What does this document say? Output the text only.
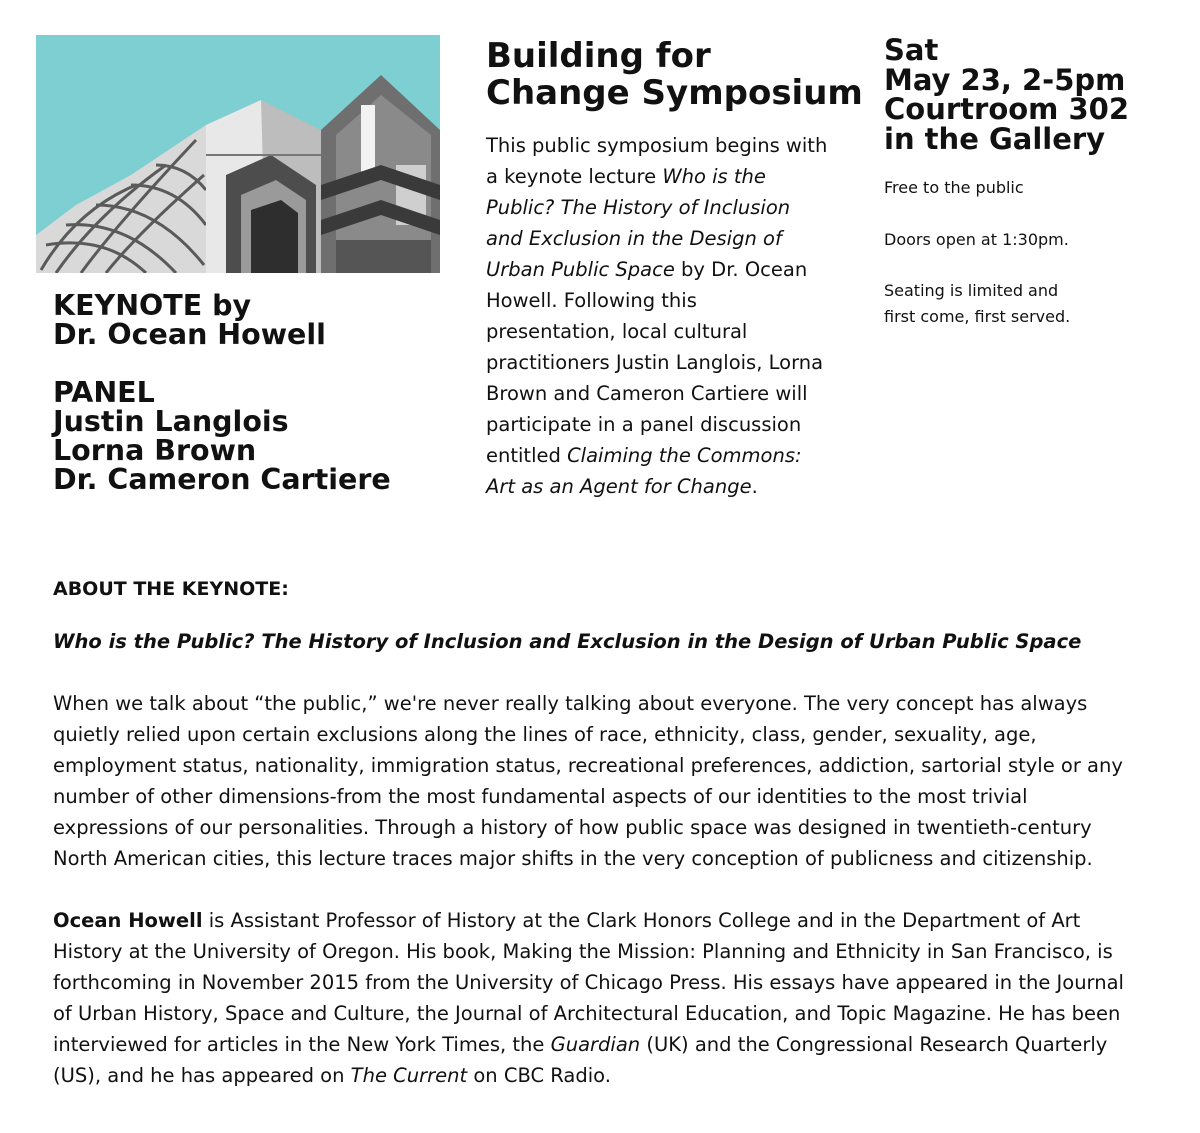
KEYNOTE by
Dr. Ocean Howell
PANEL
Justin Langlois
Lorna Brown
Dr. Cameron Cartiere
Building for
Change Symposium
This public symposium begins with
a keynote lecture Who is the
Public? The History of Inclusion
and Exclusion in the Design of
Urban Public Space by Dr. Ocean
Howell. Following this
presentation, local cultural
practitioners Justin Langlois, Lorna
Brown and Cameron Cartiere will
participate in a panel discussion
entitled Claiming the Commons:
Art as an Agent for Change.
Sat
May 23, 2-5pm
Courtroom 302
in the Gallery

Free to the public

Doors open at 1:30pm.

Seating is limited and
first come, first served.

ABOUT THE KEYNOTE:

Who is the Public? The History of Inclusion and Exclusion in the Design of Urban Public Space

When we talk about “the public,” we're never really talking about everyone. The very concept has always
quietly relied upon certain exclusions along the lines of race, ethnicity, class, gender, sexuality, age,
employment status, nationality, immigration status, recreational preferences, addiction, sartorial style or any
number of other dimensions-from the most fundamental aspects of our identities to the most trivial
expressions of our personalities. Through a history of how public space was designed in twentieth-century
North American cities, this lecture traces major shifts in the very conception of publicness and citizenship.

Ocean Howell is Assistant Professor of History at the Clark Honors College and in the Department of Art
History at the University of Oregon. His book, Making the Mission: Planning and Ethnicity in San Francisco, is
forthcoming in November 2015 from the University of Chicago Press. His essays have appeared in the Journal
of Urban History, Space and Culture, the Journal of Architectural Education, and Topic Magazine. He has been
interviewed for articles in the New York Times, the Guardian (UK) and the Congressional Research Quarterly
(US), and he has appeared on The Current on CBC Radio.
